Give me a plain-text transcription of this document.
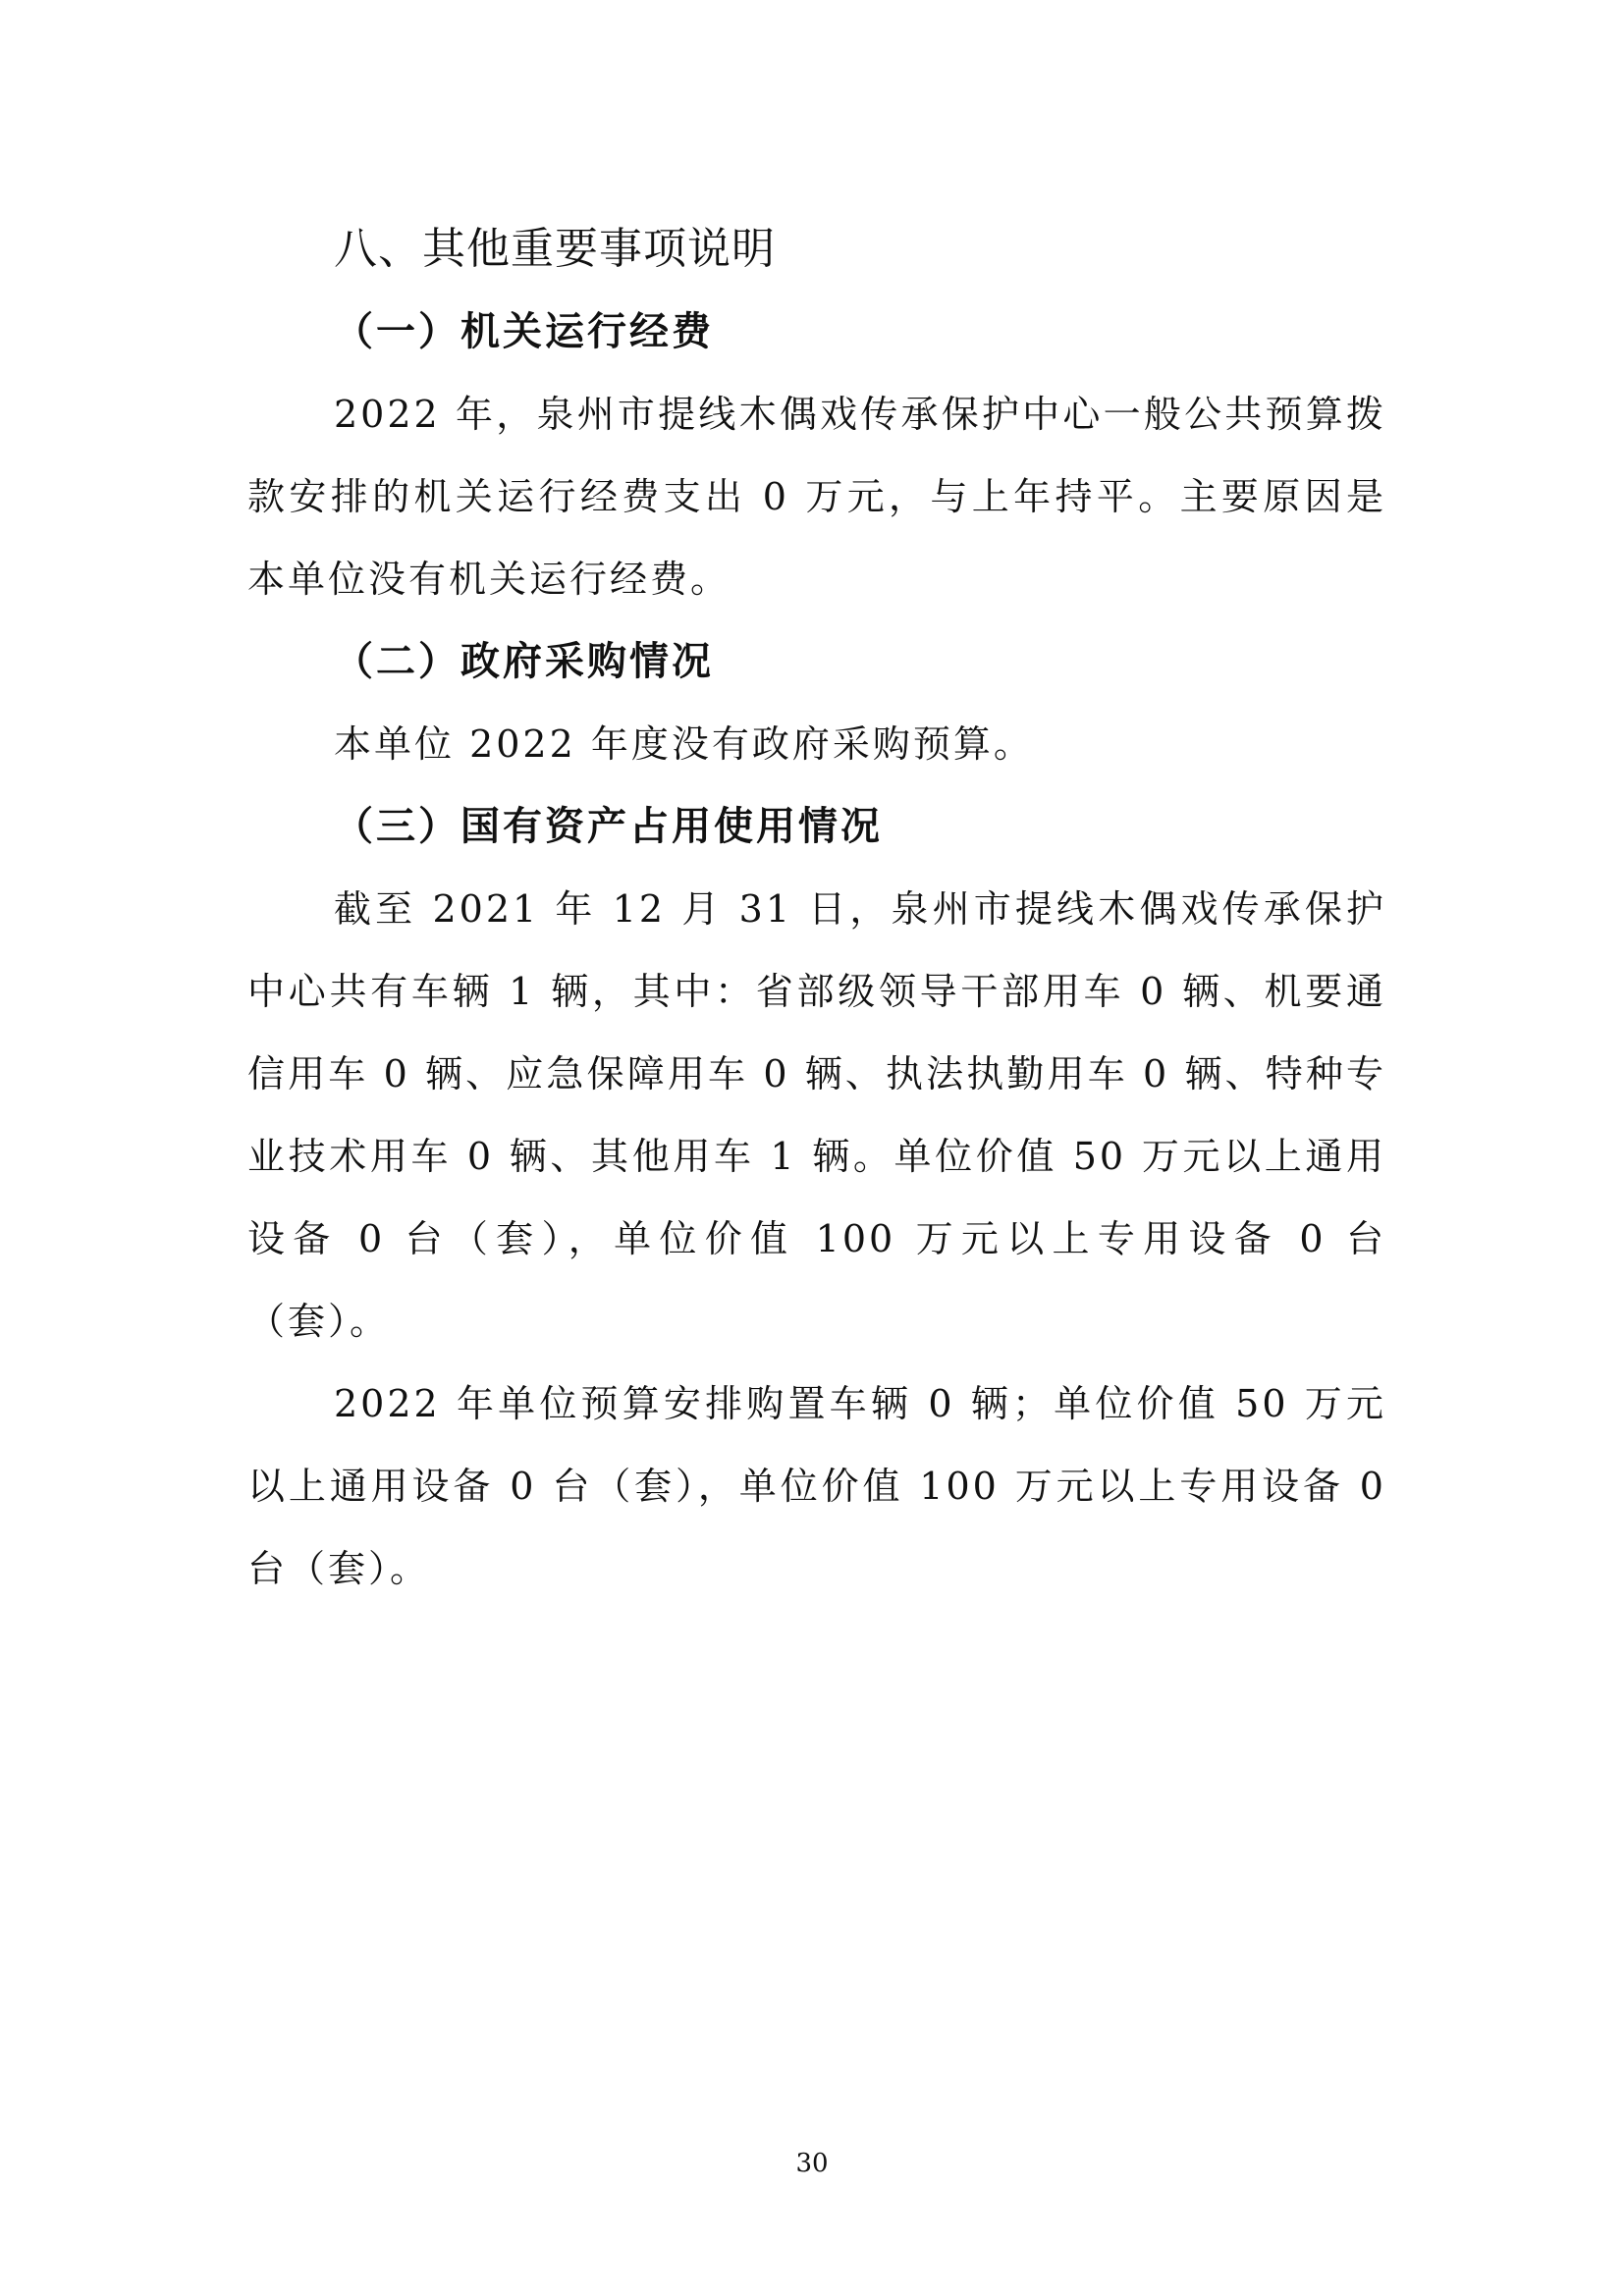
八、其他重要事项说明
（一）机关运行经费

2022 年，泉州市提线木偶戏传承保护中心一般公共预算拨款安排的机关运行经费支出 0 万元，与上年持平。主要原因是本单位没有机关运行经费。

（二）政府采购情况

本单位 2022 年度没有政府采购预算。

（三）国有资产占用使用情况

截至 2021 年 12 月 31 日，泉州市提线木偶戏传承保护中心共有车辆 1 辆，其中：省部级领导干部用车 0 辆、机要通信用车 0 辆、应急保障用车 0 辆、执法执勤用车 0 辆、特种专业技术用车 0 辆、其他用车 1 辆。单位价值 50 万元以上通用设备 0 台（套），单位价值 100 万元以上专用设备 0 台（套）。

2022 年单位预算安排购置车辆 0 辆；单位价值 50 万元以上通用设备 0 台（套），单位价值 100 万元以上专用设备 0 台（套）。

30
